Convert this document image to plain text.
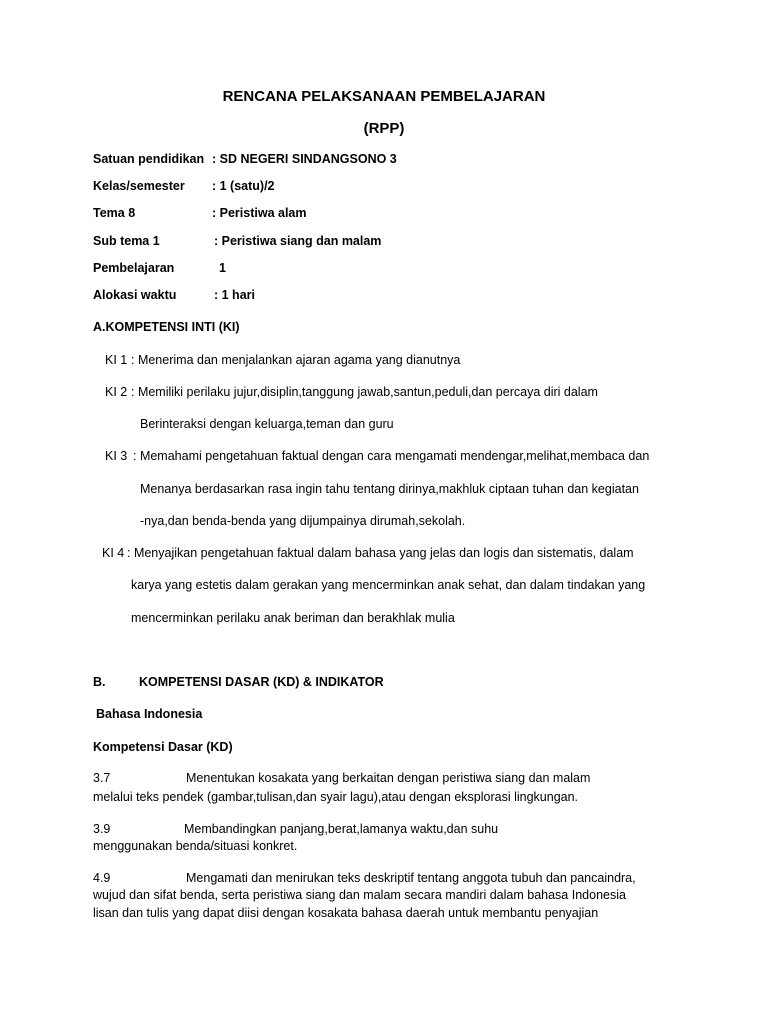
RENCANA PELAKSANAAN PEMBELAJARAN
(RPP)
Satuan pendidikan : SD NEGERI SINDANGSONO 3
Kelas/semester : 1 (satu)/2
Tema 8	: Peristiwa alam
Sub tema 1	: Peristiwa siang dan malam
Pembelajaran	1
Alokasi waktu	: 1 hari
A.KOMPETENSI INTI (KI)
KI 1 : Menerima dan menjalankan ajaran agama yang dianutnya
KI 2 : Memiliki perilaku jujur,disiplin,tanggung jawab,santun,peduli,dan percaya diri dalam
Berinteraksi dengan keluarga,teman dan guru
KI 3 : Memahami pengetahuan faktual dengan cara mengamati mendengar,melihat,membaca dan
Menanya berdasarkan rasa ingin tahu tentang dirinya,makhluk ciptaan tuhan dan kegiatan
-nya,dan benda-benda yang dijumpainya dirumah,sekolah.
KI 4 : Menyajikan pengetahuan faktual dalam bahasa yang jelas dan logis dan sistematis, dalam
karya yang estetis dalam gerakan yang mencerminkan anak sehat, dan dalam tindakan yang
mencerminkan perilaku anak beriman dan berakhlak mulia
B.	KOMPETENSI DASAR (KD) & INDIKATOR
Bahasa Indonesia
Kompetensi Dasar (KD)
3.7	Menentukan kosakata yang berkaitan dengan peristiwa siang dan malam
melalui teks pendek (gambar,tulisan,dan syair lagu),atau dengan eksplorasi lingkungan.
3.9	Membandingkan panjang,berat,lamanya waktu,dan suhu
menggunakan benda/situasi konkret.
4.9	Mengamati dan menirukan teks deskriptif tentang anggota tubuh dan pancaindra,
wujud dan sifat benda, serta peristiwa siang dan malam secara mandiri dalam bahasa Indonesia
lisan dan tulis yang dapat diisi dengan kosakata bahasa daerah untuk membantu penyajian
